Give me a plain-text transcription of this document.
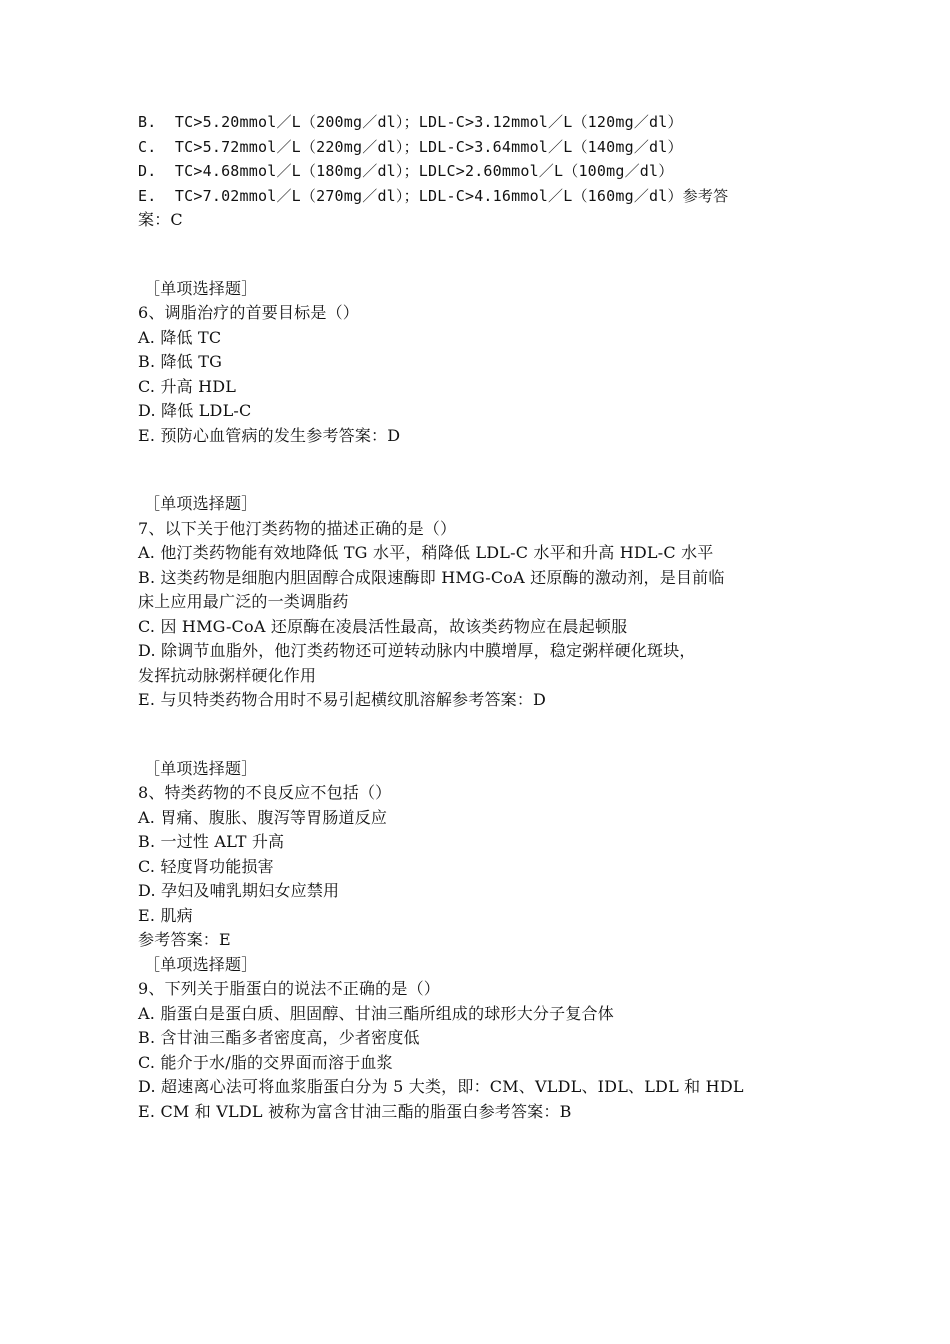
B.  TC>5.20mmol／L（200mg／dl）；LDL-C>3.12mmol／L（120mg／dl）
C.  TC>5.72mmol／L（220mg／dl）；LDL-C>3.64mmol／L（140mg／dl）
D.  TC>4.68mmol／L（180mg／dl）；LDLC>2.60mmol／L（100mg／dl）
E.  TC>7.02mmol／L（270mg／dl）；LDL-C>4.16mmol／L（160mg／dl）参考答
案：C
［单项选择题］
6、调脂治疗的首要目标是（）
A. 降低 TC
B. 降低 TG
C. 升高 HDL
D. 降低 LDL-C
E. 预防心血管病的发生参考答案：D
［单项选择题］
7、以下关于他汀类药物的描述正确的是（）
A. 他汀类药物能有效地降低 TG 水平，稍降低 LDL-C 水平和升高 HDL-C 水平
B. 这类药物是细胞内胆固醇合成限速酶即 HMG-CoA 还原酶的激动剂，是目前临
床上应用最广泛的一类调脂药
C. 因 HMG-CoA 还原酶在凌晨活性最高，故该类药物应在晨起顿服
D. 除调节血脂外，他汀类药物还可逆转动脉内中膜增厚，稳定粥样硬化斑块，
发挥抗动脉粥样硬化作用
E. 与贝特类药物合用时不易引起横纹肌溶解参考答案：D
［单项选择题］
8、特类药物的不良反应不包括（）
A. 胃痛、腹胀、腹泻等胃肠道反应
B. 一过性 ALT 升高
C. 轻度肾功能损害
D. 孕妇及哺乳期妇女应禁用
E. 肌病
参考答案：E
［单项选择题］
9、下列关于脂蛋白的说法不正确的是（）
A. 脂蛋白是蛋白质、胆固醇、甘油三酯所组成的球形大分子复合体
B. 含甘油三酯多者密度高，少者密度低
C. 能介于水/脂的交界面而溶于血浆
D. 超速离心法可将血浆脂蛋白分为 5 大类，即：CM、VLDL、IDL、LDL 和 HDL
E. CM 和 VLDL 被称为富含甘油三酯的脂蛋白参考答案：B
